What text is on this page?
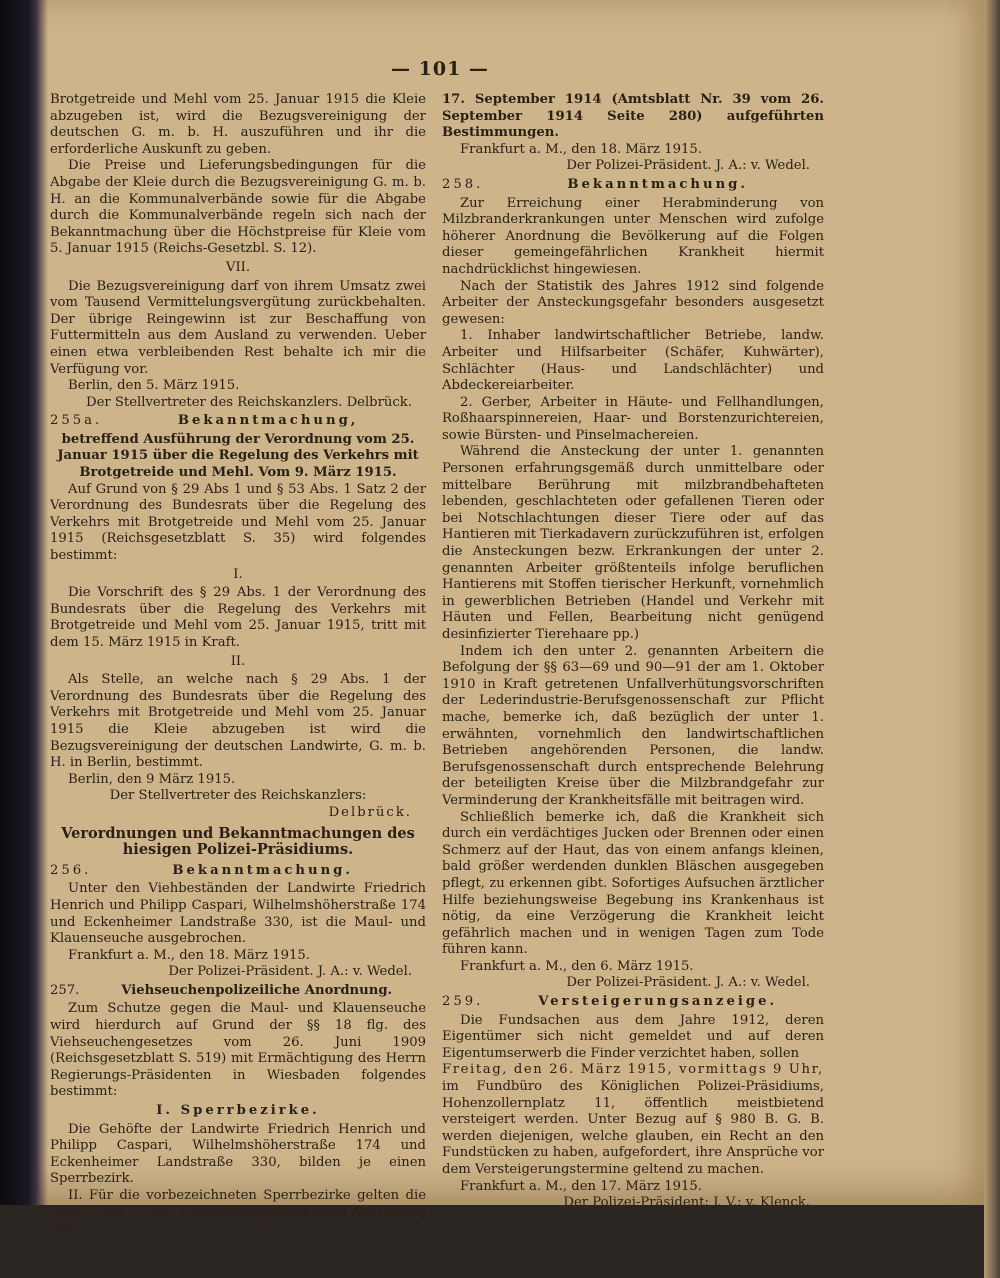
— 101 —

Brotgetreide und Mehl vom 25. Januar 1915 die Kleie abzugeben ist, wird die Bezugsvereinigung der deutschen G. m. b. H. auszuführen und ihr die erforderliche Auskunft zu geben.

Die Preise und Lieferungsbedingungen für die Abgabe der Kleie durch die Bezugsvereinigung G. m. b. H. an die Kommunalverbände sowie für die Abgabe durch die Kommunalverbände regeln sich nach der Bekanntmachung über die Höchstpreise für Kleie vom 5. Januar 1915 (Reichs-Gesetzbl. S. 12).

VII.

Die Bezugsvereinigung darf von ihrem Umsatz zwei vom Tausend Vermittelungsvergütung zurückbehalten. Der übrige Reingewinn ist zur Beschaffung von Futtermitteln aus dem Ausland zu verwenden. Ueber einen etwa verbleibenden Rest behalte ich mir die Verfügung vor.

Berlin, den 5. März 1915.

Der Stellvertreter des Reichskanzlers. Delbrück.

255a.	Bekanntmachung,

betreffend Ausführung der Verordnung vom 25. Januar 1915 über die Regelung des Verkehrs mit Brotgetreide und Mehl. Vom 9. März 1915.

Auf Grund von § 29 Abs 1 und § 53 Abs. 1 Satz 2 der Verordnung des Bundesrats über die Regelung des Verkehrs mit Brotgetreide und Mehl vom 25. Januar 1915 (Reichsgesetzblatt S. 35) wird folgendes bestimmt:

I.

Die Vorschrift des § 29 Abs. 1 der Verordnung des Bundesrats über die Regelung des Verkehrs mit Brotgetreide und Mehl vom 25. Januar 1915, tritt mit dem 15. März 1915 in Kraft.

II.

Als Stelle, an welche nach § 29 Abs. 1 der Verordnung des Bundesrats über die Regelung des Verkehrs mit Brotgetreide und Mehl vom 25. Januar 1915 die Kleie abzugeben ist wird die Bezugsvereinigung der deutschen Landwirte, G. m. b. H. in Berlin, bestimmt.

Berlin, den 9 März 1915.

Der Stellvertreter des Reichskanzlers:

Delbrück.

Verordnungen und Bekanntmachungen des hiesigen Polizei-Präsidiums.
256.	Bekanntmachung.

Unter den Viehbeständen der Landwirte Friedrich Henrich und Philipp Caspari, Wilhelmshöherstraße 174 und Eckenheimer Landstraße 330, ist die Maul- und Klauenseuche ausgebrochen.

Frankfurt a. M., den 18. März 1915.

Der Polizei-Präsident. J. A.: v. Wedel.

257.	Viehseuchenpolizeiliche Anordnung.

Zum Schutze gegen die Maul- und Klauenseuche wird hierdurch auf Grund der §§ 18 flg. des Viehseuchengesetzes vom 26. Juni 1909 (Reichsgesetzblatt S. 519) mit Ermächtigung des Herrn Regierungs-Präsidenten in Wiesbaden folgendes bestimmt:

I. Sperrbezirke.

Die Gehöfte der Landwirte Friedrich Henrich und Philipp Caspari, Wilhelmshöherstraße 174 und Eckenheimer Landstraße 330, bilden je einen Sperrbezirk.

II. Für die vorbezeichneten Sperrbezirke gelten die unter I. bis VI. der viehseuchenpolizeilichen Anordnung vom

17. September 1914 (Amtsblatt Nr. 39 vom 26. September 1914 Seite 280) aufgeführten Bestimmungen.

Frankfurt a. M., den 18. März 1915.

Der Polizei-Präsident. J. A.: v. Wedel.

258.	Bekanntmachung.

Zur Erreichung einer Herabminderung von Milzbranderkrankungen unter Menschen wird zufolge höherer Anordnung die Bevölkerung auf die Folgen dieser gemeingefährlichen Krankheit hiermit nachdrücklichst hingewiesen.

Nach der Statistik des Jahres 1912 sind folgende Arbeiter der Ansteckungsgefahr besonders ausgesetzt gewesen:

1. Inhaber landwirtschaftlicher Betriebe, landw. Arbeiter und Hilfsarbeiter (Schäfer, Kuhwärter), Schlächter (Haus- und Landschlächter) und Abdeckereiarbeiter.

2. Gerber, Arbeiter in Häute- und Fellhandlungen, Roßhaarspinnereien, Haar- und Borstenzurichtereien, sowie Bürsten- und Pinselmachereien.

Während die Ansteckung der unter 1. genannten Personen erfahrungsgemäß durch unmittelbare oder mittelbare Berührung mit milzbrandbehafteten lebenden, geschlachteten oder gefallenen Tieren oder bei Notschlachtungen dieser Tiere oder auf das Hantieren mit Tierkadavern zurückzuführen ist, erfolgen die Ansteckungen bezw. Erkrankungen der unter 2. genannten Arbeiter größtenteils infolge beruflichen Hantierens mit Stoffen tierischer Herkunft, vornehmlich in gewerblichen Betrieben (Handel und Verkehr mit Häuten und Fellen, Bearbeitung nicht genügend desinfizierter Tierehaare pp.)

Indem ich den unter 2. genannten Arbeitern die Befolgung der §§ 63—69 und 90—91 der am 1. Oktober 1910 in Kraft getretenen Unfallverhütungsvorschriften der Lederindustrie-Berufsgenossenschaft zur Pflicht mache, bemerke ich, daß bezüglich der unter 1. erwähnten, vornehmlich den landwirtschaftlichen Betrieben angehörenden Personen, die landw. Berufsgenossenschaft durch entsprechende Belehrung der beteiligten Kreise über die Milzbrandgefahr zur Verminderung der Krankheitsfälle mit beitragen wird.

Schließlich bemerke ich, daß die Krankheit sich durch ein verdächtiges Jucken oder Brennen oder einen Schmerz auf der Haut, das von einem anfangs kleinen, bald größer werdenden dunklen Bläschen ausgegeben pflegt, zu erkennen gibt. Sofortiges Aufsuchen ärztlicher Hilfe beziehungsweise Begebung ins Krankenhaus ist nötig, da eine Verzögerung die Krankheit leicht gefährlich machen und in wenigen Tagen zum Tode führen kann.

Frankfurt a. M., den 6. März 1915.

Der Polizei-Präsident. J. A.: v. Wedel.

259.	Versteigerungsanzeige.

Die Fundsachen aus dem Jahre 1912, deren Eigentümer sich nicht gemeldet und auf deren Eigentumserwerb die Finder verzichtet haben, sollen

Freitag, den 26. März 1915, vormittags 9 Uhr,

im Fundbüro des Königlichen Polizei-Präsidiums, Hohenzollernplatz 11, öffentlich meistbietend versteigert werden. Unter Bezug auf § 980 B. G. B. werden diejenigen, welche glauben, ein Recht an den Fundstücken zu haben, aufgefordert, ihre Ansprüche vor dem Versteigerungstermine geltend zu machen.

Frankfurt a. M., den 17. März 1915.

Der Polizei-Präsident: J. V.: v. Klenck.
